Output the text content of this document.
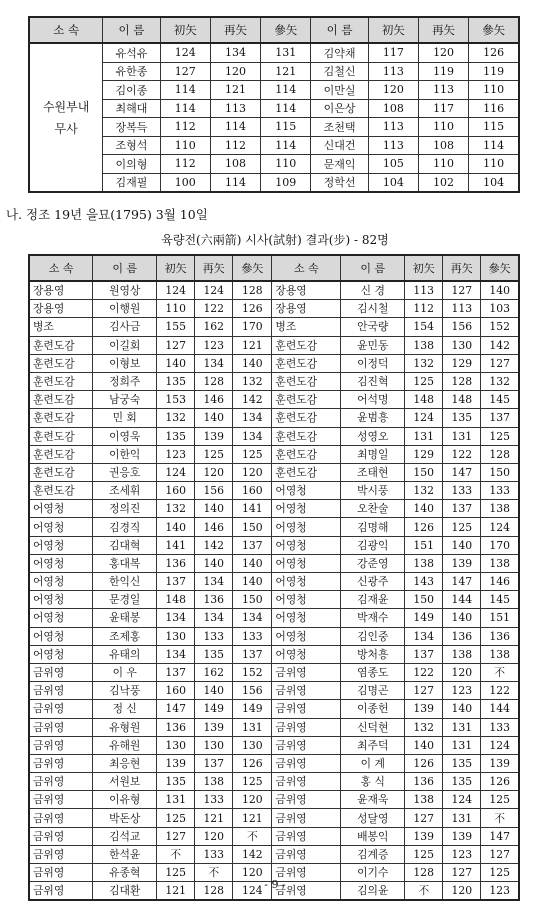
소 속	이 름	初矢	再矢	參矢	이 름	初矢	再矢	參矢
수원부내
무사	유석유	124	134	131	김약채	117	120	126
	유한종	127	120	121	김철신	113	119	119
	김이종	114	121	114	이만실	120	113	110
	최해대	114	113	114	이은상	108	117	116
	장복득	112	114	115	조천택	113	110	115
	조형석	110	112	114	신대건	113	108	114
	이의형	112	108	110	문재익	105	110	110
	김재필	100	114	109	정학선	104	102	104
나. 정조 19년 을묘(1795) 3월 10일
육량전(六兩箭) 시사(試射) 결과(步) - 82명
소 속	이 름	初矢	再矢	參矢	소 속	이 름	初矢	再矢	參矢
장용영	원영상	124	124	128	장용영	신 경	113	127	140
장용영	이행원	110	122	126	장용영	김시철	112	113	103
병조	김사금	155	162	170	병조	안국량	154	156	152
훈련도감	이길회	127	123	121	훈련도감	윤민동	138	130	142
훈련도감	이형보	140	134	140	훈련도감	이정덕	132	129	127
훈련도감	정희주	135	128	132	훈련도감	김진혁	125	128	132
훈련도감	남궁숙	153	146	142	훈련도감	어석명	148	148	145
훈련도감	민 회	132	140	134	훈련도감	윤범흥	124	135	137
훈련도감	이영욱	135	139	134	훈련도감	성영오	131	131	125
훈련도감	이한익	123	125	125	훈련도감	최명일	129	122	128
훈련도감	권응호	124	120	120	훈련도감	조태현	150	147	150
훈련도감	조세휘	160	156	160	어영청	박시풍	132	133	133
어영청	정의진	132	140	141	어영청	오찬술	140	137	138
어영청	김경직	140	146	150	어영청	김명해	126	125	124
어영청	김대혁	141	142	137	어영청	김광익	151	140	170
어영청	홍대복	136	140	140	어영청	강준영	138	139	138
어영청	한익신	137	134	140	어영청	신광주	143	147	146
어영청	문경일	148	136	150	어영청	김재윤	150	144	145
어영청	윤태봉	134	134	134	어영청	박재수	149	140	151
어영청	조제홍	130	133	133	어영청	김인중	134	136	136
어영청	유태의	134	135	137	어영청	방처흥	137	138	138
금위영	이 우	137	162	152	금위영	염종도	122	120	不
금위영	김낙풍	160	140	156	금위영	김명곤	127	123	122
금위영	정 신	147	149	149	금위영	이종헌	139	140	144
금위영	유형원	136	139	131	금위영	신덕현	132	131	133
금위영	유해원	130	130	130	금위영	최주덕	140	131	124
금위영	최응현	139	137	126	금위영	이 계	126	135	139
금위영	서원보	135	138	125	금위영	홍 식	136	135	126
금위영	이유형	131	133	120	금위영	윤재욱	138	124	125
금위영	박돈상	125	121	121	금위영	성달영	127	131	不
금위영	김석교	127	120	不	금위영	배봉익	139	139	147
금위영	한석윤	不	133	142	금위영	김계증	125	123	127
금위영	유종혁	125	不	120	금위영	이기수	128	127	125
금위영	김대환	121	128	124	금위영	김의윤	不	120	123
- 9 -
